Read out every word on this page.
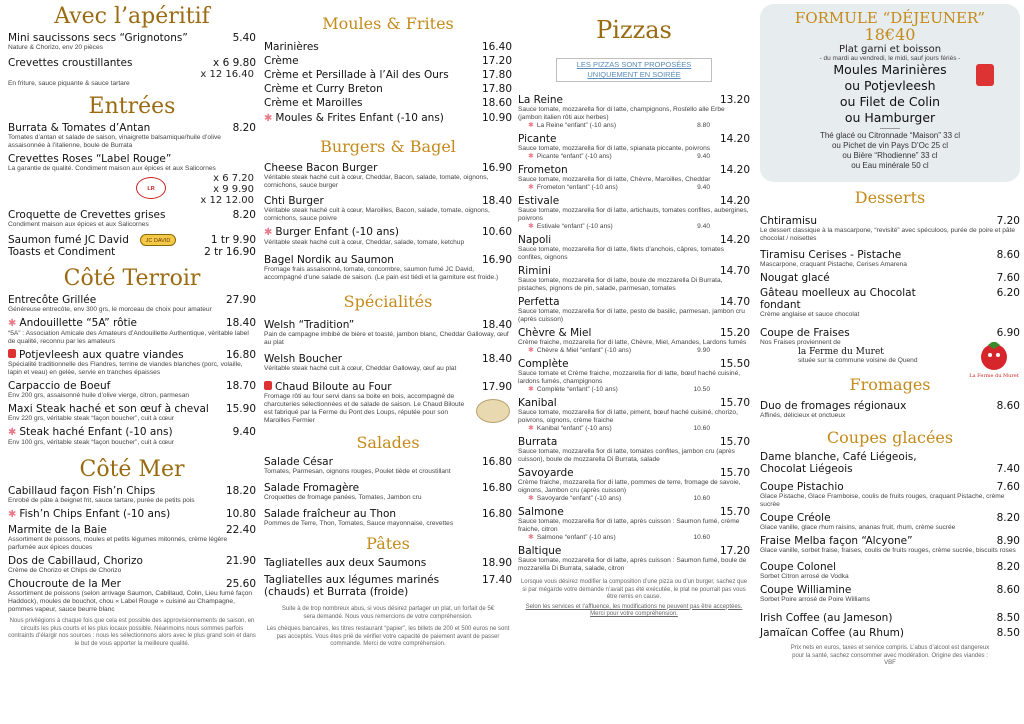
Avec l’apéritif
Mini saucissons secs “Grignotons”	5.40
Nature & Chorizo, env 20 pièces
Crevettes croustillantes	x 6 9.80
x 12 16.40
En friture, sauce piquante & sauce tartare
Entrées
Burrata & Tomates d’Antan	8.20
Tomates d’antan et salade de saison, vinaigrette balsamique/huile d’olive assaisonnée à l’italienne, boule de Burrata
Crevettes Roses “Label Rouge”
La garantie de qualité. Condiment maison aux épices et aux Salicornes
LR
x 6 7.20
x 9 9.90
x 12 12.00
Croquette de Crevettes grises	8.20
Condiment maison aux épices et aux Salicornes
Saumon fumé JC David	1 tr 9.90
Toasts et Condiment	2 tr 16.90
JC DAVID
Côté Terroir
Entrecôte Grillée	27.90
Généreuse entrecôte, env 300 grs, le morceau de choix pour amateur
✱ Andouillette “5A” rôtie	18.40
“5A” : Association Amicale des Amateurs d’Andouillette Authentique, véritable label de qualité, reconnu par les amateurs
Potjevleesh aux quatre viandes	16.80
Spécialité traditionnelle des Flandres, terrine de viandes blanches (porc, volaille, lapin et veau) en gelée, servie en tranches épaisses
Carpaccio de Boeuf	18.70
Env 200 grs, assaisonné huile d’olive vierge, citron, parmesan
Maxi Steak haché et son œuf à cheval	15.90
Env 220 grs, véritable steak “façon boucher”, cuit à cœur
✱ Steak haché Enfant (-10 ans)	9.40
Env 100 grs, véritable steak “façon boucher”, cuit à cœur
Côté Mer
Cabillaud façon Fish’n Chips	18.20
Enrobé de pâte à beignet frit, sauce tartare, purée de petits pois
✱ Fish’n Chips Enfant (-10 ans)	10.80
Marmite de la Baie	22.40
Assortiment de poissons, moules et petits légumes mitonnés, crème légère parfumée aux épices douces
Dos de Cabillaud, Chorizo	21.90
Crème de Chorizo et Chips de Chorizo
Choucroute de la Mer	25.60
Assortiment de poissons (selon arrivage Saumon, Cabillaud, Colin, Lieu fumé façon Haddock), moules de bouchot, chou « Label Rouge » cuisiné au Champagne, pommes vapeur, sauce beurre blanc
Nous privilégions à chaque fois que cela est possible des approvisionnements de saison, en circuits les plus courts et les plus locaux possible. Néanmoins nous sommes parfois contraints d’élargir nos sources : nous les sélectionnons alors avec le plus grand soin et dans le but de vous apporter la meilleure qualité.
Moules & Frites
Marinières	16.40
Crème	17.20
Crème et Persillade à l’Ail des Ours	17.80
Crème et Curry Breton	17.80
Crème et Maroilles	18.60
✱ Moules & Frites Enfant (-10 ans)	10.90
Burgers & Bagel
Cheese Bacon Burger	16.90
Véritable steak haché cuit à cœur, Cheddar, Bacon, salade, tomate, oignons, cornichons, sauce burger
Chti Burger	18.40
Véritable steak haché cuit à cœur, Maroilles, Bacon, salade, tomate, oignons, cornichons, sauce poivre
✱ Burger Enfant (-10 ans)	10.60
Véritable steak haché cuit à cœur, Cheddar, salade, tomate, ketchup
Bagel Nordik au Saumon	16.90
Fromage frais assaisonné, tomate, concombre, saumon fumé JC David, accompagné d’une salade de saison. (Le pain est tiédi et la garniture est froide.)
Spécialités
Welsh “Tradition”	18.40
Pain de campagne imbibé de bière et toasté, jambon blanc, Cheddar Galloway, œuf au plat
Welsh Boucher	18.40
Véritable steak haché cuit à cœur, Cheddar Galloway, œuf au plat
Chaud Biloute au Four	17.90
Fromage rôti au four servi dans sa boite en bois, accompagné de charcuteries sélectionnées et de salade de saison. Le Chaud Biloute est fabriqué par la Ferme du Pont des Loups, réputée pour son Maroilles Fermier
Salades
Salade César	16.80
Tomates, Parmesan, oignons rouges, Poulet tiède et croustillant
Salade Fromagère	16.80
Croquettes de fromage panées, Tomates, Jambon cru
Salade fraîcheur au Thon	16.80
Pommes de Terre, Thon, Tomates, Sauce mayonnaise, crevettes
Pâtes
Tagliatelles aux deux Saumons	18.90
Tagliatelles aux légumes marinés (chauds) et Burrata (froide)
17.40
Suite à de trop nombreux abus, si vous désirez partager un plat, un forfait de 5€ sera demandé. Nous vous remercions de votre compréhension.
Les chèques bancaires, les titres restaurant “papier”, les billets de 200 et 500 euros ne sont pas acceptés. Vous êtes prié de vérifier votre capacité de paiement avant de passer commande. Merci de votre compréhension.
Pizzas
LES PIZZAS SONT PROPOSÉES UNIQUEMENT EN SOIRÉE
La Reine	13.20
Sauce tomate, mozzarella fior di latte, champignons, Rostello alle Erbe (jambon italien rôti aux herbes)
✱ La Reine “enfant” (-10 ans)	8.80
Picante	14.20
Sauce tomate, mozzarella fior di latte, spianata piccante, poivrons
✱ Picante “enfant” (-10 ans)	9.40
Frometon	14.20
Sauce tomate, mozzarella fior di latte, Chèvre, Maroilles, Cheddar
✱ Frometon “enfant” (-10 ans)	9.40
Estivale	14.20
Sauce tomate, mozzarella fior di latte, artichauts, tomates confites, aubergines, poivrons
✱ Estivale “enfant” (-10 ans)	9.40
Napoli	14.20
Sauce tomate, mozzarella fior di latte, filets d’anchois, câpres, tomates confites, oignons
Rimini	14.70
Sauce tomate, mozzarella fior di latte, boule de mozzarella Di Burrata, pistaches, pignons de pin, salade, parmesan, tomates
Perfetta	14.70
Sauce tomate, mozzarella fior di latte, pesto de basilic, parmesan, jambon cru (après cuisson)
Chèvre & Miel	15.20
Crème fraiche, mozzarella fior di latte, Chèvre, Miel, Amandes, Lardons fumés
✱ Chèvre & Miel “enfant” (-10 ans)	9.90
Complète	15.50
Sauce tomate et Crème fraiche, mozzarella fior di latte, bœuf haché cuisiné, lardons fumés, champignons
✱ Complète “enfant” (-10 ans)	10.50
Kanibal	15.70
Sauce tomate, mozzarella fior di latte, piment, bœuf haché cuisiné, chorizo, poivrons, oignons, crème fraiche
✱ Kanibal “enfant” (-10 ans)	10.60
Burrata	15.70
Sauce tomate, mozzarella fior di latte, tomates confites, jambon cru (après cuisson), boule de mozzarella Di Burrata, salade
Savoyarde	15.70
Crème fraiche, mozzarella fior di latte, pommes de terre, fromage de savoie, oignons, Jambon cru (après cuisson)
✱ Savoyarde “enfant” (-10 ans)	10.60
Salmone	15.70
Sauce tomate, mozzarella fior di latte, après cuisson : Saumon fumé, crème fraiche, citron
✱ Salmone “enfant” (-10 ans)	10.60
Baltique	17.20
Sauce tomate, mozzarella fior di latte, après cuisson : Saumon fumé, boule de mozzarella Di Burrata, salade, citron
Lorsque vous désirez modifier la composition d’une pizza ou d’un burger, sachez que si par mégarde votre demande n’avait pas été exécutée, le plat ne pourrait pas vous être remis en cause.
Selon les services et l’affluence, les modifications ne peuvent pas être acceptées. Merci pour votre compréhension.
FORMULE “DÉJEUNER”
18€40
Plat garni et boisson
- du mardi au vendredi, le midi, sauf jours fériés -
Moules Marinières
ou Potjevleesh
ou Filet de Colin
ou Hamburger
Thé glacé ou Citronnade “Maison” 33 cl
ou Pichet de vin Pays D’Oc 25 cl
ou Bière “Rhodienne” 33 cl
ou Eau minérale 50 cl
Desserts
Chtiramisu	7.20
Le dessert classique à la mascarpone, “revisité” avec spéculoos, purée de poire et pâte chocolat / noisettes
Tiramisu Cerises - Pistache	8.60
Mascarpone, craquant Pistache, Cerises Amarena
Nougat glacé	7.60
Gâteau moelleux au Chocolat fondant
6.20
Crème anglaise et sauce chocolat
Coupe de Fraises	6.90
Nos Fraises proviennent de
la Ferme du Muret
située sur la commune voisine de Quend
La Ferme du Muret
Fromages
Duo de fromages régionaux	8.60
Affinés, délicieux et onctueux
Coupes glacées
Dame blanche, Café Liégeois,
Chocolat Liégeois	7.40
Coupe Pistachio	7.60
Glace Pistache, Glace Framboise, coulis de fruits rouges, craquant Pistache, crème sucrée
Coupe Créole	8.20
Glace vanille, glace rhum raisins, ananas fruit, rhum, crème sucrée
Fraise Melba façon “Alcyone”	8.90
Glace vanille, sorbet fraise, fraises, coulis de fruits rouges, crème sucrée, biscuits roses
Coupe Colonel	8.20
Sorbet Citron arrosé de Vodka
Coupe Williamine	8.60
Sorbet Poire arrosé de Poire Williams
Irish Coffee (au Jameson)	8.50
Jamaïcan Coffee (au Rhum)	8.50
Prix nets en euros, taxes et service compris. L’abus d’alcool est dangereux pour la santé, sachez consommer avec modération. Origine des viandes : VBF
